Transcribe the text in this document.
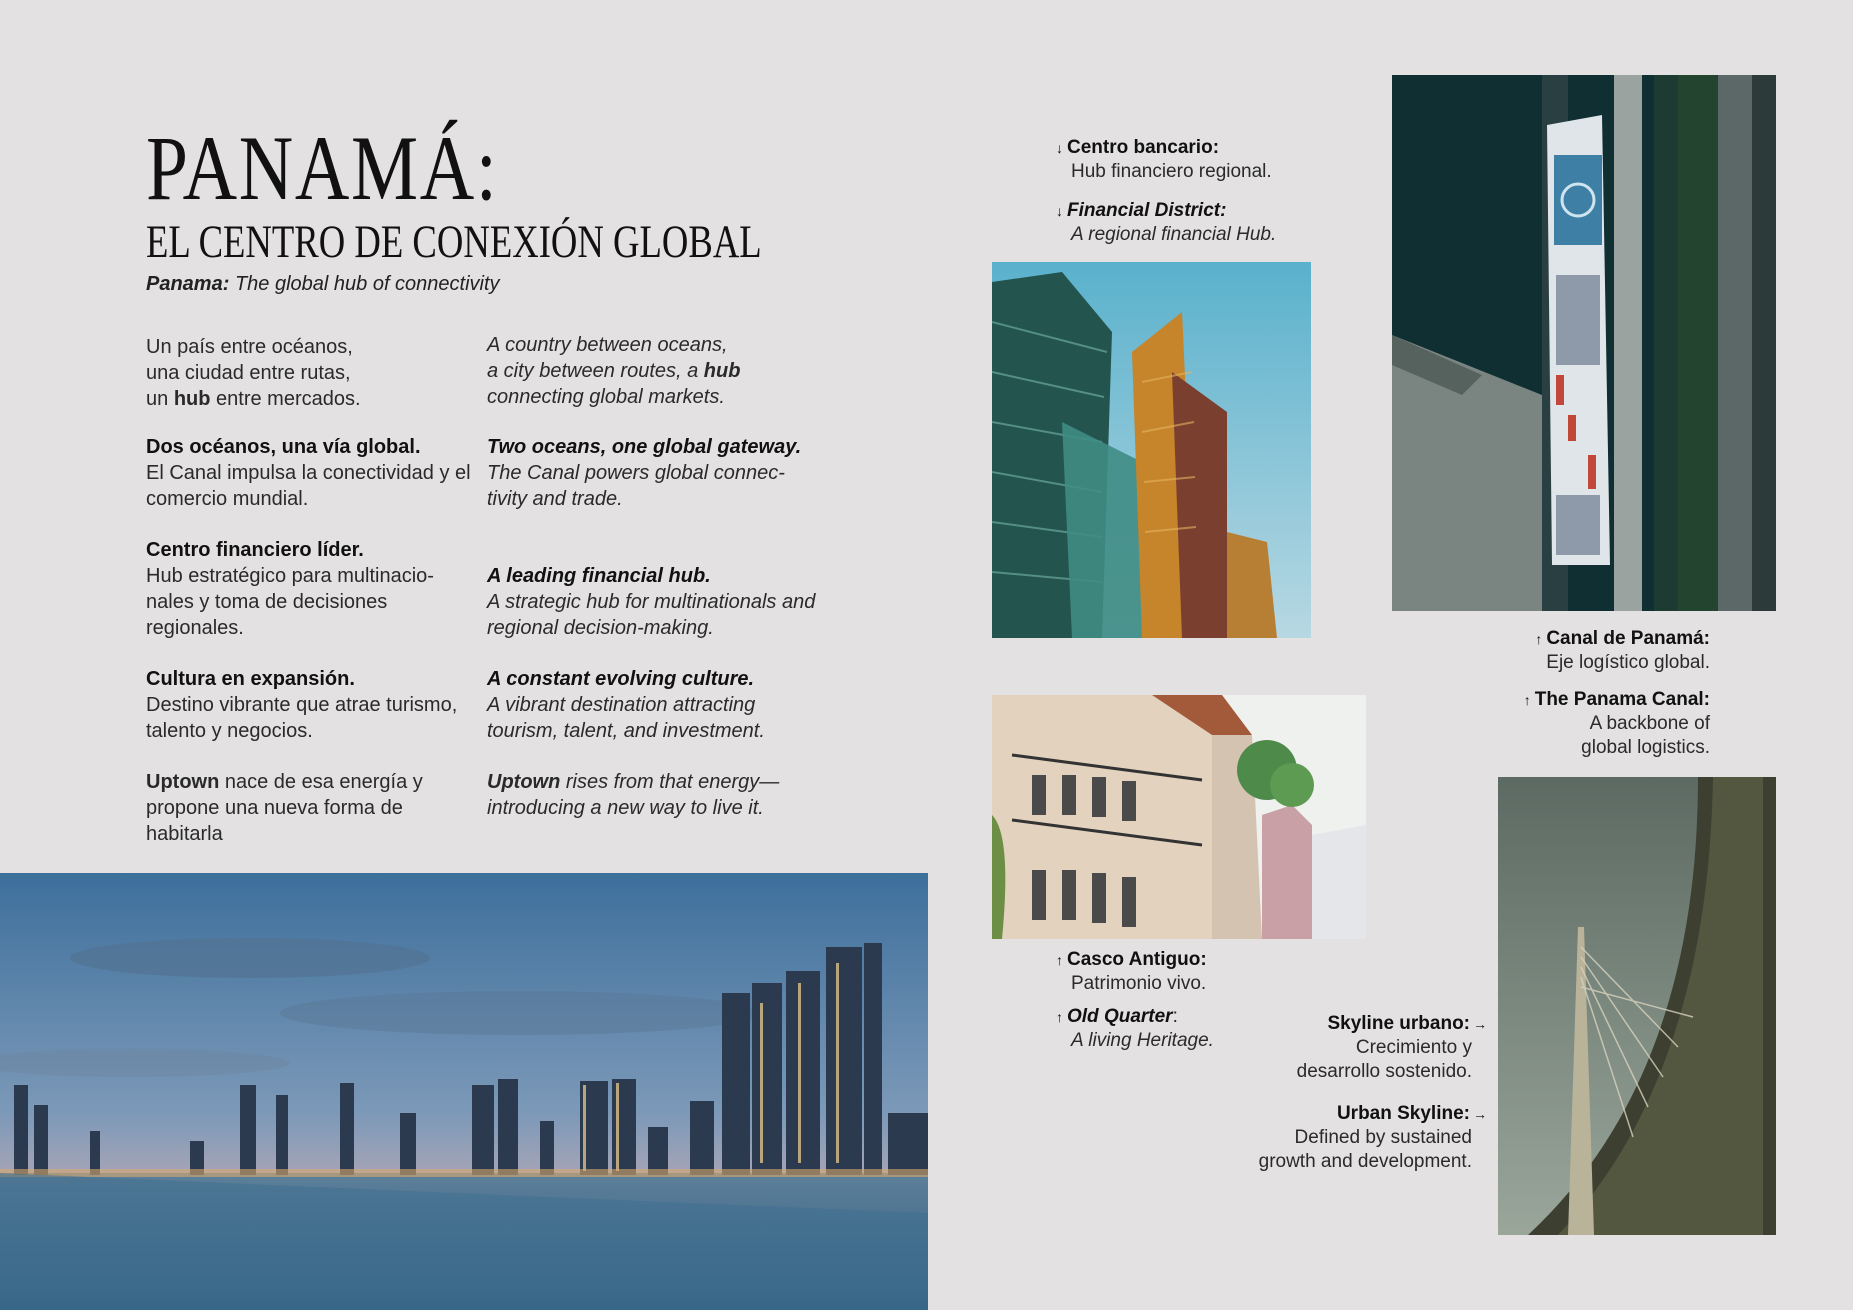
PANAMÁ:
EL CENTRO DE CONEXIÓN GLOBAL
Panama: The global hub of connectivity

Un país entre océanos,

una ciudad entre rutas,

un hub entre mercados.

Dos océanos, una vía global.

El Canal impulsa la conectividad y el comercio mundial.

Centro financiero líder.

Hub estratégico para multinacio-nales y toma de decisiones regionales.

Cultura en expansión.

Destino vibrante que atrae turismo, talento y negocios.

Uptown nace de esa energía y propone una nueva forma de habitarla

A country between oceans,

a city between routes, a hub

connecting global markets.

Two oceans, one global gateway.

The Canal powers global connec-tivity and trade.

A leading financial hub.

A strategic hub for multinationals and regional decision-making.

A constant evolving culture.

A vibrant destination attracting tourism, talent, and investment.

Uptown rises from that energy—introducing a new way to live it.

↓ Centro bancario:
Hub financiero regional.
↓ Financial District:
A regional financial Hub.
↑ Canal de Panamá:
Eje logístico global.
↑ The Panama Canal:
A backbone of
global logistics.
↑ Casco Antiguo:
Patrimonio vivo.
↑ Old Quarter:
A living Heritage.
Skyline urbano: →
Crecimiento y
desarrollo sostenido.
Urban Skyline: →
Defined by sustained
growth and development.
